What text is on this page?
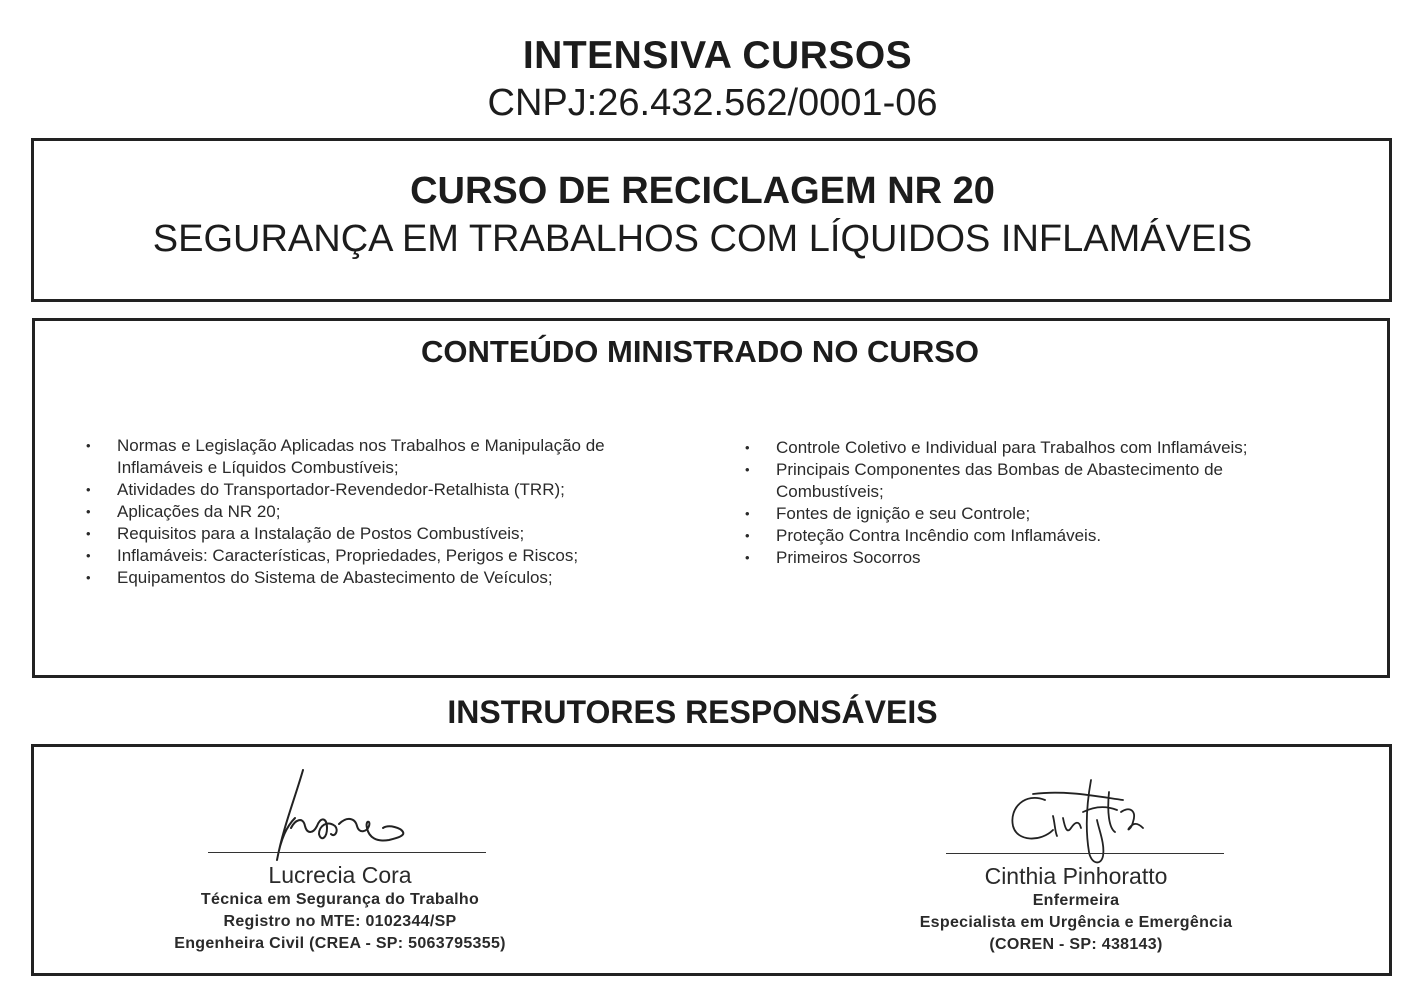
INTENSIVA CURSOS
CNPJ:26.432.562/0001-06
CURSO DE RECICLAGEM NR 20
SEGURANÇA EM TRABALHOS COM LÍQUIDOS INFLAMÁVEIS
CONTEÚDO MINISTRADO NO CURSO
• Normas e Legislação Aplicadas nos Trabalhos e Manipulação de Inflamáveis e Líquidos Combustíveis;
• Atividades do Transportador-Revendedor-Retalhista (TRR);
• Aplicações da NR 20;
• Requisitos para a Instalação de Postos Combustíveis;
• Inflamáveis: Características, Propriedades, Perigos e Riscos;
• Equipamentos do Sistema de Abastecimento de Veículos;
• Controle Coletivo e Individual para Trabalhos com Inflamáveis;
• Principais Componentes das Bombas de Abastecimento de Combustíveis;
• Fontes de ignição e seu Controle;
• Proteção Contra Incêndio com Inflamáveis.
• Primeiros Socorros
INSTRUTORES RESPONSÁVEIS
Lucrecia Cora
Técnica em Segurança do Trabalho
Registro no MTE: 0102344/SP
Engenheira Civil (CREA - SP: 5063795355)
Cinthia Pinhoratto
Enfermeira
Especialista em Urgência e Emergência
(COREN - SP: 438143)
